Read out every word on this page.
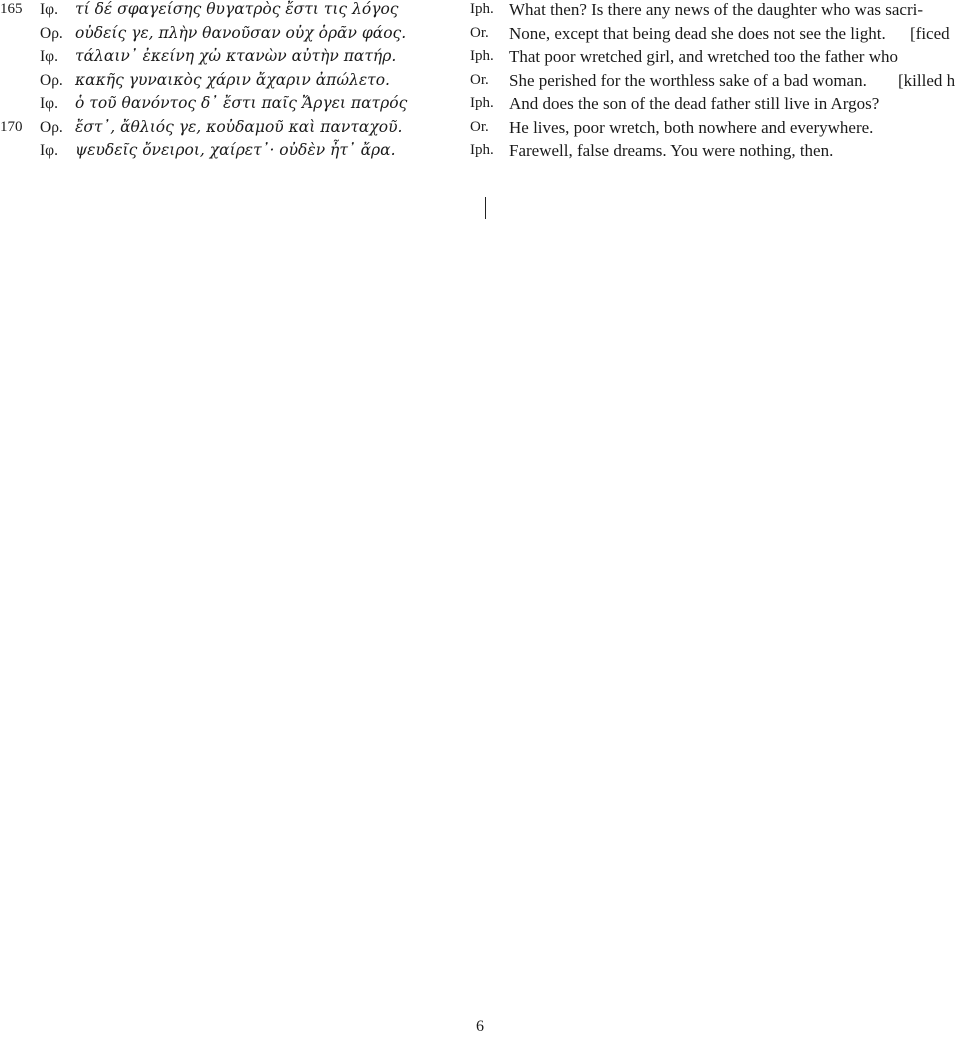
165	Ιφ. τί δέ σφαγείσης θυγατρὸς ἔστι τις λόγος
Ορ. οὐδείς γε, πλὴν θανοῦσαν οὐχ ὁρᾶν φάος.
Ιφ. τάλαιν᾽ ἐκείνη χὠ κτανὼν αὐτὴν πατήρ.
Ορ. κακῆς γυναικὸς χάριν ἄχαριν ἀπώλετο.
Ιφ. ὁ τοῦ θανόντος δ᾽ ἔστι παῖς Ἄργει πατρός
170	Ορ. ἔστ᾽, ἄθλιός γε, κοὐδαμοῦ καὶ πανταχοῦ.
Ιφ. ψευδεῖς ὄνειροι, χαίρετ᾽· οὐδὲν ἦτ᾽ ἄρα.
Iph. What then? Is there any news of the daughter who was sacri-
Or. None, except that being dead she does not see the light. [ficed
Iph. That poor wretched girl, and wretched too the father who
Or. She perished for the worthless sake of a bad woman. [killed h
Iph. And does the son of the dead father still live in Argos?
Or. He lives, poor wretch, both nowhere and everywhere.
Iph. Farewell, false dreams. You were nothing, then.
6
